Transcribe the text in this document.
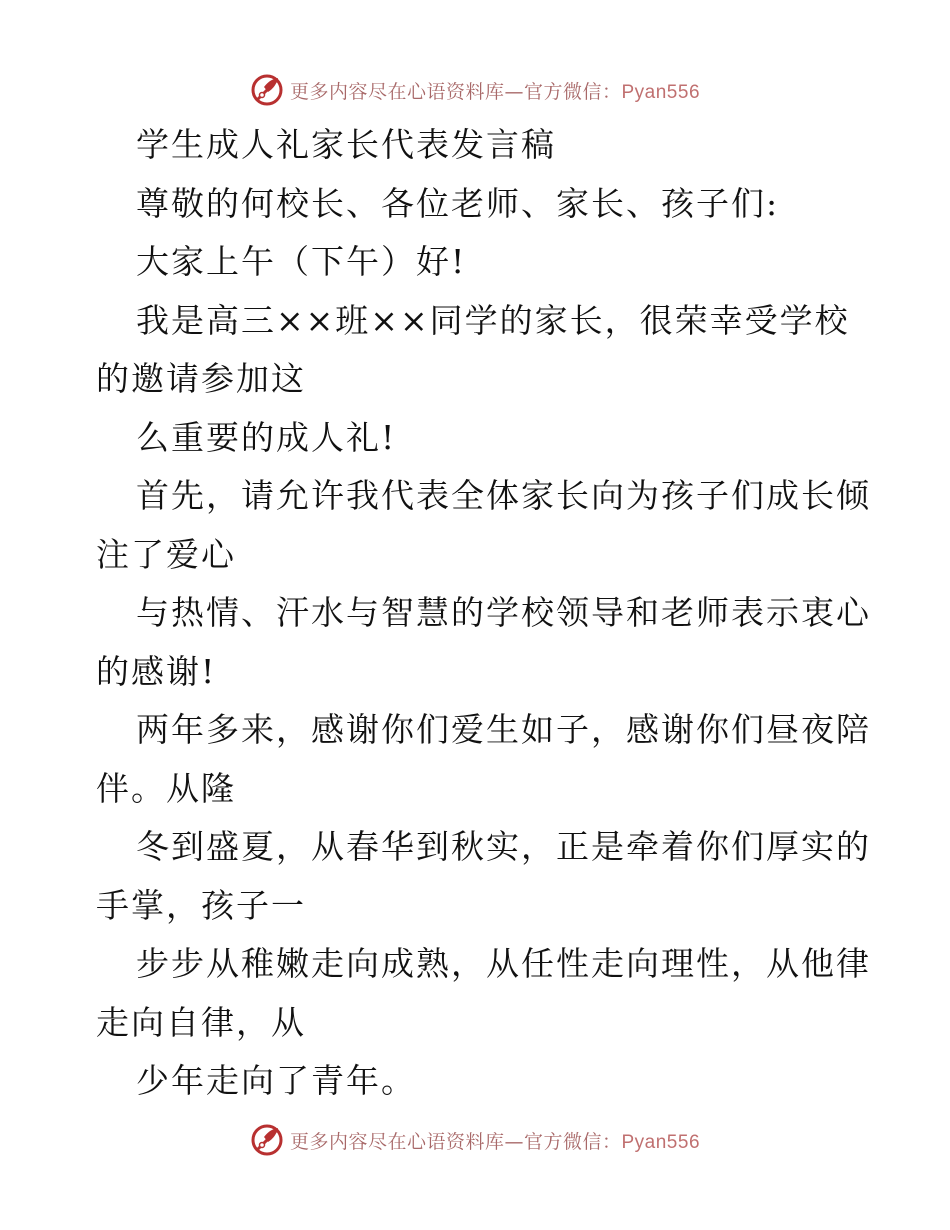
更多内容尽在心语资料库—官方微信：Pyan556
学生成人礼家长代表发言稿
尊敬的何校长、各位老师、家长、孩子们:
大家上午（下午）好!
我是高三××班××同学的家长，很荣幸受学校
的邀请参加这
么重要的成人礼!
首先，请允许我代表全体家长向为孩子们成长倾
注了爱心
与热情、汗水与智慧的学校领导和老师表示衷心
的感谢!
两年多来，感谢你们爱生如子，感谢你们昼夜陪
伴。从隆
冬到盛夏，从春华到秋实，正是牵着你们厚实的
手掌，孩子一
步步从稚嫩走向成熟，从任性走向理性，从他律
走向自律，从
少年走向了青年。
更多内容尽在心语资料库—官方微信：Pyan556
